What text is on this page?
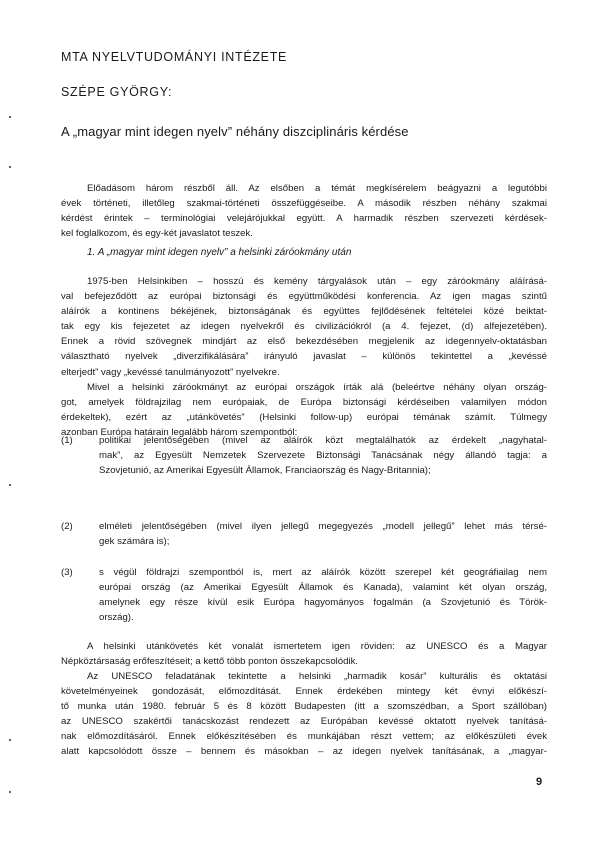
MTA NYELVTUDOMÁNYI INTÉZETE
SZÉPE GYÖRGY:
A „magyar mint idegen nyelv” néhány diszciplináris kérdése
Előadásom három részből áll. Az elsőben a témát megkísérelem beágyazni a legutóbbi
évek történeti, illetőleg szakmai-történeti összefüggéseibe. A második részben néhány szakmai
kérdést érintek – terminológiai velejárójukkal együtt. A harmadik részben szervezeti kérdések-
kel foglalkozom, és egy-két javaslatot teszek.
1. A „magyar mint idegen nyelv” a helsinki záróokmány után
1975-ben Helsinkiben – hosszú és kemény tárgyalások után – egy záróokmány aláírásá-
val befejeződött az európai biztonsági és együttműködési konferencia. Az igen magas szintű
aláírók a kontinens békéjének, biztonságának és együttes fejlődésének feltételei közé beiktat-
tak egy kis fejezetet az idegen nyelvekről és civilizációkról (a 4. fejezet, (d) alfejezetében).
Ennek a rövid szövegnek mindjárt az első bekezdésében megjelenik az idegennyelv-oktatásban
választható nyelvek „diverzifikálására” irányuló javaslat – különös tekintettel a „kevéssé
elterjedt” vagy „kevéssé tanulmányozott” nyelvekre.
Mivel a helsinki záróokmányt az európai országok írták alá (beleértve néhány olyan ország-
got, amelyek földrajzilag nem európaiak, de Európa biztonsági kérdéseiben valamilyen módon
érdekeltek), ezért az „utánkövetés” (Helsinki follow-up) európai témának számít. Túlmegy
azonban Európa határain legalább három szempontból:
(1)	politikai jelentőségében (mivel az aláírók közt megtalálhatók az érdekelt „nagyhatal-
mak”, az Egyesült Nemzetek Szervezete Biztonsági Tanácsának négy állandó tagja: a
Szovjetunió, az Amerikai Egyesült Államok, Franciaország és Nagy-Britannia);
(2)	elméleti jelentőségében (mivel ilyen jellegű megegyezés „modell jellegű” lehet más térsé-
gek számára is);
(3)	s végül földrajzi szempontból is, mert az aláírók között szerepel két geográfiailag nem
európai ország (az Amerikai Egyesült Államok és Kanada), valamint két olyan ország,
amelynek egy része kívül esik Európa hagyományos fogalmán (a Szovjetunió és Török-
ország).
A helsinki utánkövetés két vonalát ismertetem igen röviden: az UNESCO és a Magyar
Népköztársaság erőfeszítéseit; a kettő több ponton összekapcsolódik.
Az UNESCO feladatának tekintette a helsinki „harmadik kosár” kulturális és oktatási
követelményeinek gondozását, előmozdítását. Ennek érdekében mintegy két évnyi előkészí-
tő munka után 1980. február 5 és 8 között Budapesten (itt a szomszédban, a Sport szállóban)
az UNESCO szakértői tanácskozást rendezett az Európában kevéssé oktatott nyelvek tanításá-
nak előmozdításáról. Ennek előkészítésében és munkájában részt vettem; az előkészületi évek
alatt kapcsolódott össze – bennem és másokban – az idegen nyelvek tanításának, a „magyar-
9
